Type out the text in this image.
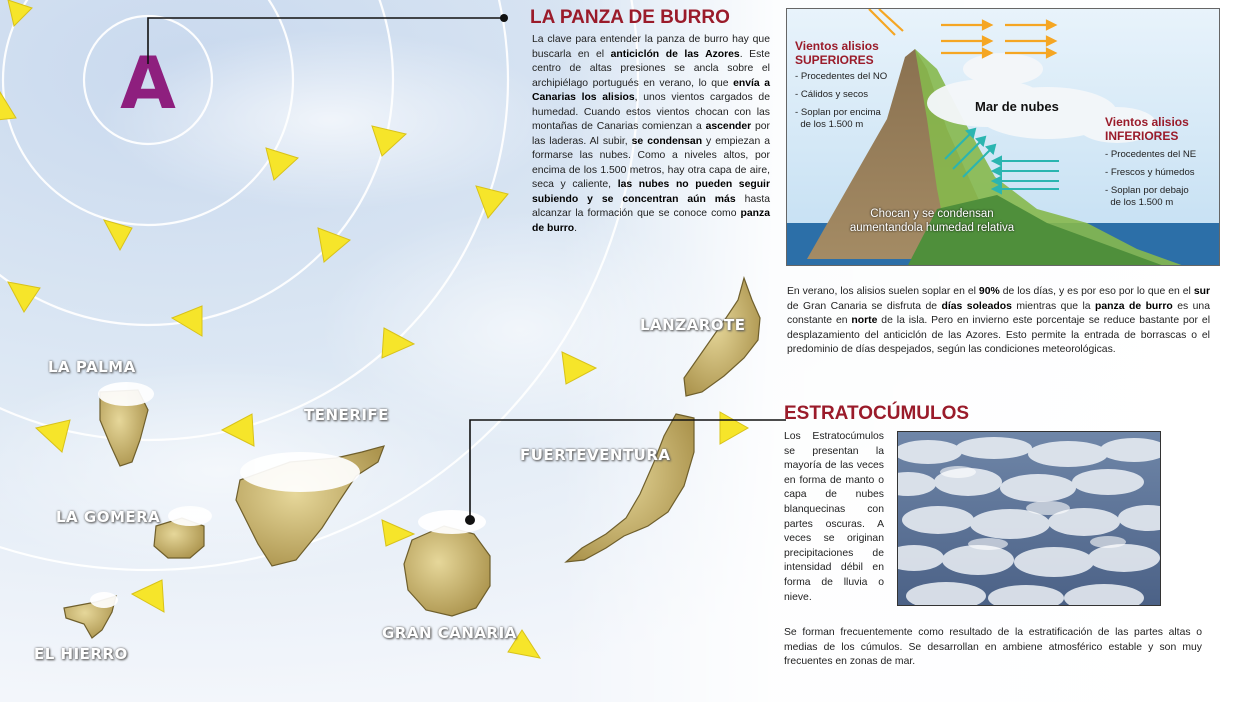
A
LA PALMA
TENERIFE
LA GOMERA
EL HIERRO
GRAN CANARIA
FUERTEVENTURA
LANZAROTE
LA PANZA DE BURRO
La clave para entender la panza de burro hay que buscarla en el anticiclón de las Azores. Este centro de altas presiones se ancla sobre el archipiélago portugués en verano, lo que envía a Canarias los alisios, unos vientos cargados de humedad. Cuando estos vientos chocan con las montañas de Canarias comienzan a ascender por las laderas. Al subir, se condensan y empiezan a formarse las nubes. Como a niveles altos, por encima de los 1.500 metros, hay otra capa de aire, seca y caliente, las nubes no pueden seguir subiendo y se concentran aún más hasta alcanzar la formación que se conoce como panza de burro.
Vientos alisios
SUPERIORES
- Procedentes del NO
- Cálidos y secos
- Soplan por encima
de los 1.500 m
Mar de nubes
Vientos alisios
INFERIORES
- Procedentes del NE
- Frescos y húmedos
- Soplan por debajo
de los 1.500 m
Chocan y se condensan
aumentandola humedad relativa
En verano, los alisios suelen soplar en el 90% de los días, y es por eso por lo que en el sur de Gran Canaria se disfruta de días soleados mientras que la panza de burro es una constante en norte de la isla. Pero en invierno este porcentaje se reduce bastante por el desplazamiento del anticiclón de las Azores. Esto permite la entrada de borrascas o el predominio de días despejados, según las condiciones meteorológicas.
ESTRATOCÚMULOS
Los Estratocúmulos se presentan la mayoría de las veces en forma de manto o capa de nubes blanquecinas con partes oscuras. A veces se originan precipitaciones de intensidad débil en forma de lluvia o nieve.
Se forman frecuentemente como resultado de la estratificación de las partes altas o medias de los cúmulos. Se desarrollan en ambiene atmosférico estable y son muy frecuentes en zonas de mar.
